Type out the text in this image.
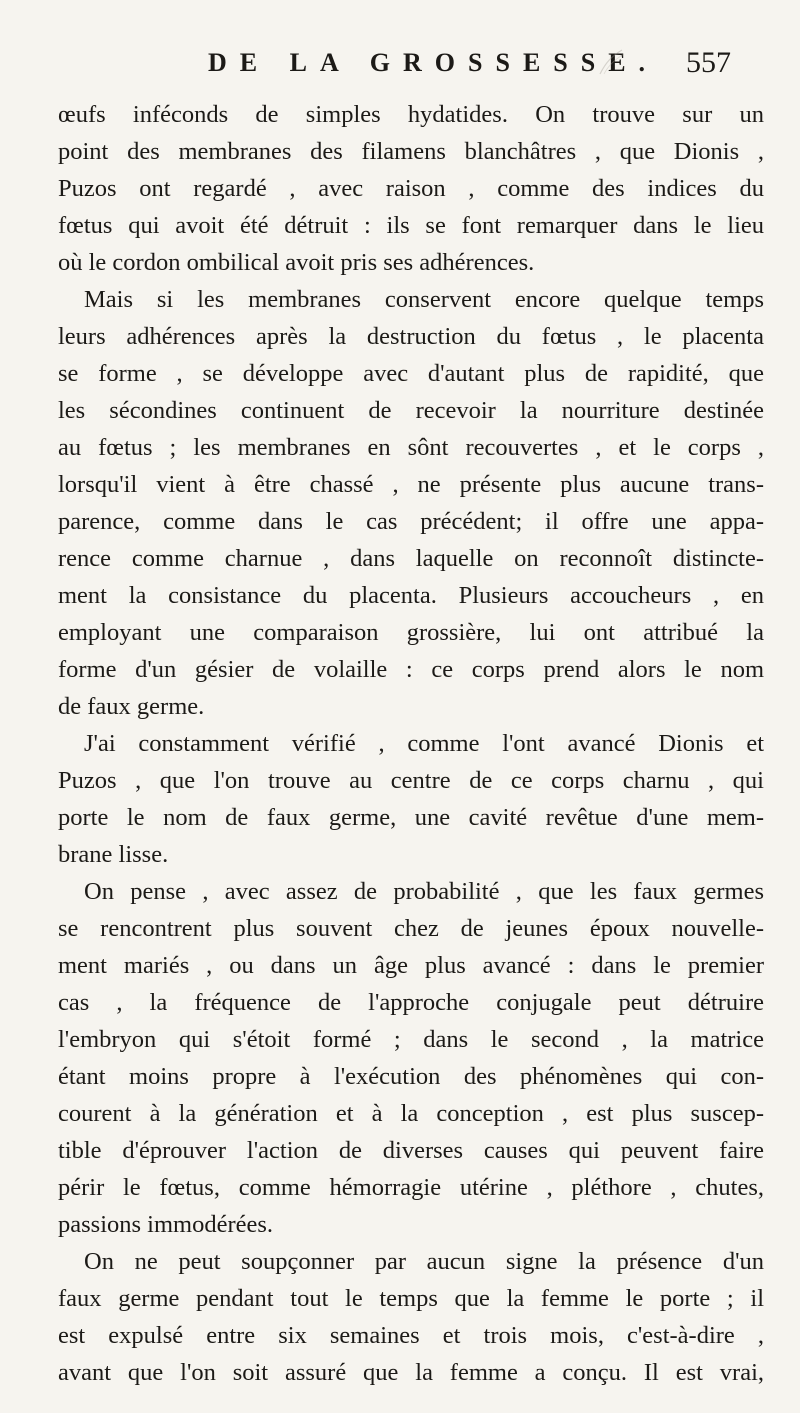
DE LA GROSSESSE. 557
œufs inféconds de simples hydatides. On trouve sur un
point des membranes des filamens blanchâtres , que Dionis ,
Puzos ont regardé , avec raison , comme des indices du
fœtus qui avoit été détruit : ils se font remarquer dans le lieu
où le cordon ombilical avoit pris ses adhérences.
Mais si les membranes conservent encore quelque temps
leurs adhérences après la destruction du fœtus , le placenta
se forme , se développe avec d'autant plus de rapidité, que
les sécondines continuent de recevoir la nourriture destinée
au fœtus ; les membranes en sônt recouvertes , et le corps ,
lorsqu'il vient à être chassé , ne présente plus aucune trans-
parence, comme dans le cas précédent; il offre une appa-
rence comme charnue , dans laquelle on reconnoît distincte-
ment la consistance du placenta. Plusieurs accoucheurs , en
employant une comparaison grossière, lui ont attribué la
forme d'un gésier de volaille : ce corps prend alors le nom
de faux germe.
J'ai constamment vérifié , comme l'ont avancé Dionis et
Puzos , que l'on trouve au centre de ce corps charnu , qui
porte le nom de faux germe, une cavité revêtue d'une mem-
brane lisse.
On pense , avec assez de probabilité , que les faux germes
se rencontrent plus souvent chez de jeunes époux nouvelle-
ment mariés , ou dans un âge plus avancé : dans le premier
cas , la fréquence de l'approche conjugale peut détruire
l'embryon qui s'étoit formé ; dans le second , la matrice
étant moins propre à l'exécution des phénomènes qui con-
courent à la génération et à la conception , est plus suscep-
tible d'éprouver l'action de diverses causes qui peuvent faire
périr le fœtus, comme hémorragie utérine , pléthore , chutes,
passions immodérées.
On ne peut soupçonner par aucun signe la présence d'un
faux germe pendant tout le temps que la femme le porte ; il
est expulsé entre six semaines et trois mois, c'est-à-dire ,
avant que l'on soit assuré que la femme a conçu. Il est vrai,
